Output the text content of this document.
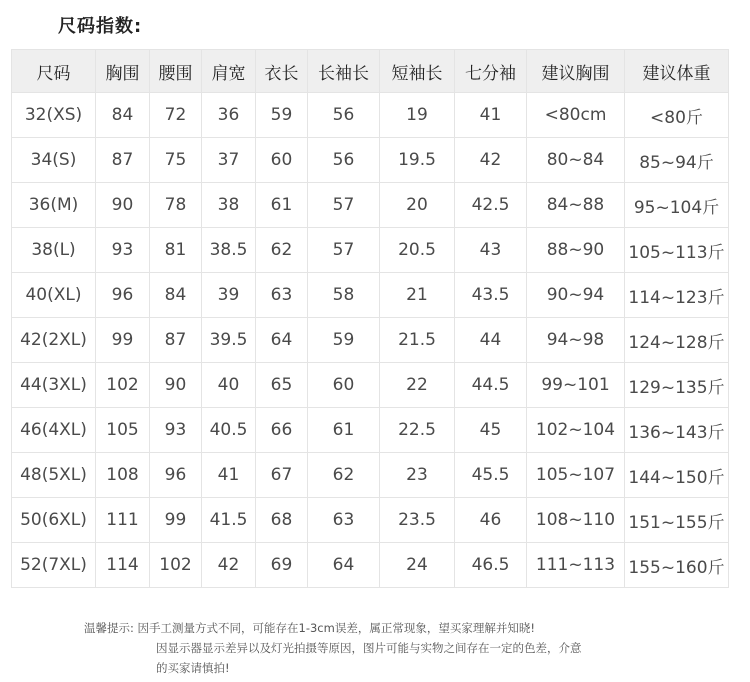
尺码指数:
尺码	胸围	腰围	肩宽	衣长	长袖长	短袖长	七分袖	建议胸围	建议体重
32(XS)	84	72	36	59	56	19	41	<80cm	<80斤
34(S)	87	75	37	60	56	19.5	42	80~84	85~94斤
36(M)	90	78	38	61	57	20	42.5	84~88	95~104斤
38(L)	93	81	38.5	62	57	20.5	43	88~90	105~113斤
40(XL)	96	84	39	63	58	21	43.5	90~94	114~123斤
42(2XL)	99	87	39.5	64	59	21.5	44	94~98	124~128斤
44(3XL)	102	90	40	65	60	22	44.5	99~101	129~135斤
46(4XL)	105	93	40.5	66	61	22.5	45	102~104	136~143斤
48(5XL)	108	96	41	67	62	23	45.5	105~107	144~150斤
50(6XL)	111	99	41.5	68	63	23.5	46	108~110	151~155斤
52(7XL)	114	102	42	69	64	24	46.5	111~113	155~160斤
温馨提示: 因手工测量方式不同，可能存在1-3cm误差，属正常现象，望买家理解并知晓!
因显示器显示差异以及灯光拍摄等原因，图片可能与实物之间存在一定的色差，介意
的买家请慎拍!
